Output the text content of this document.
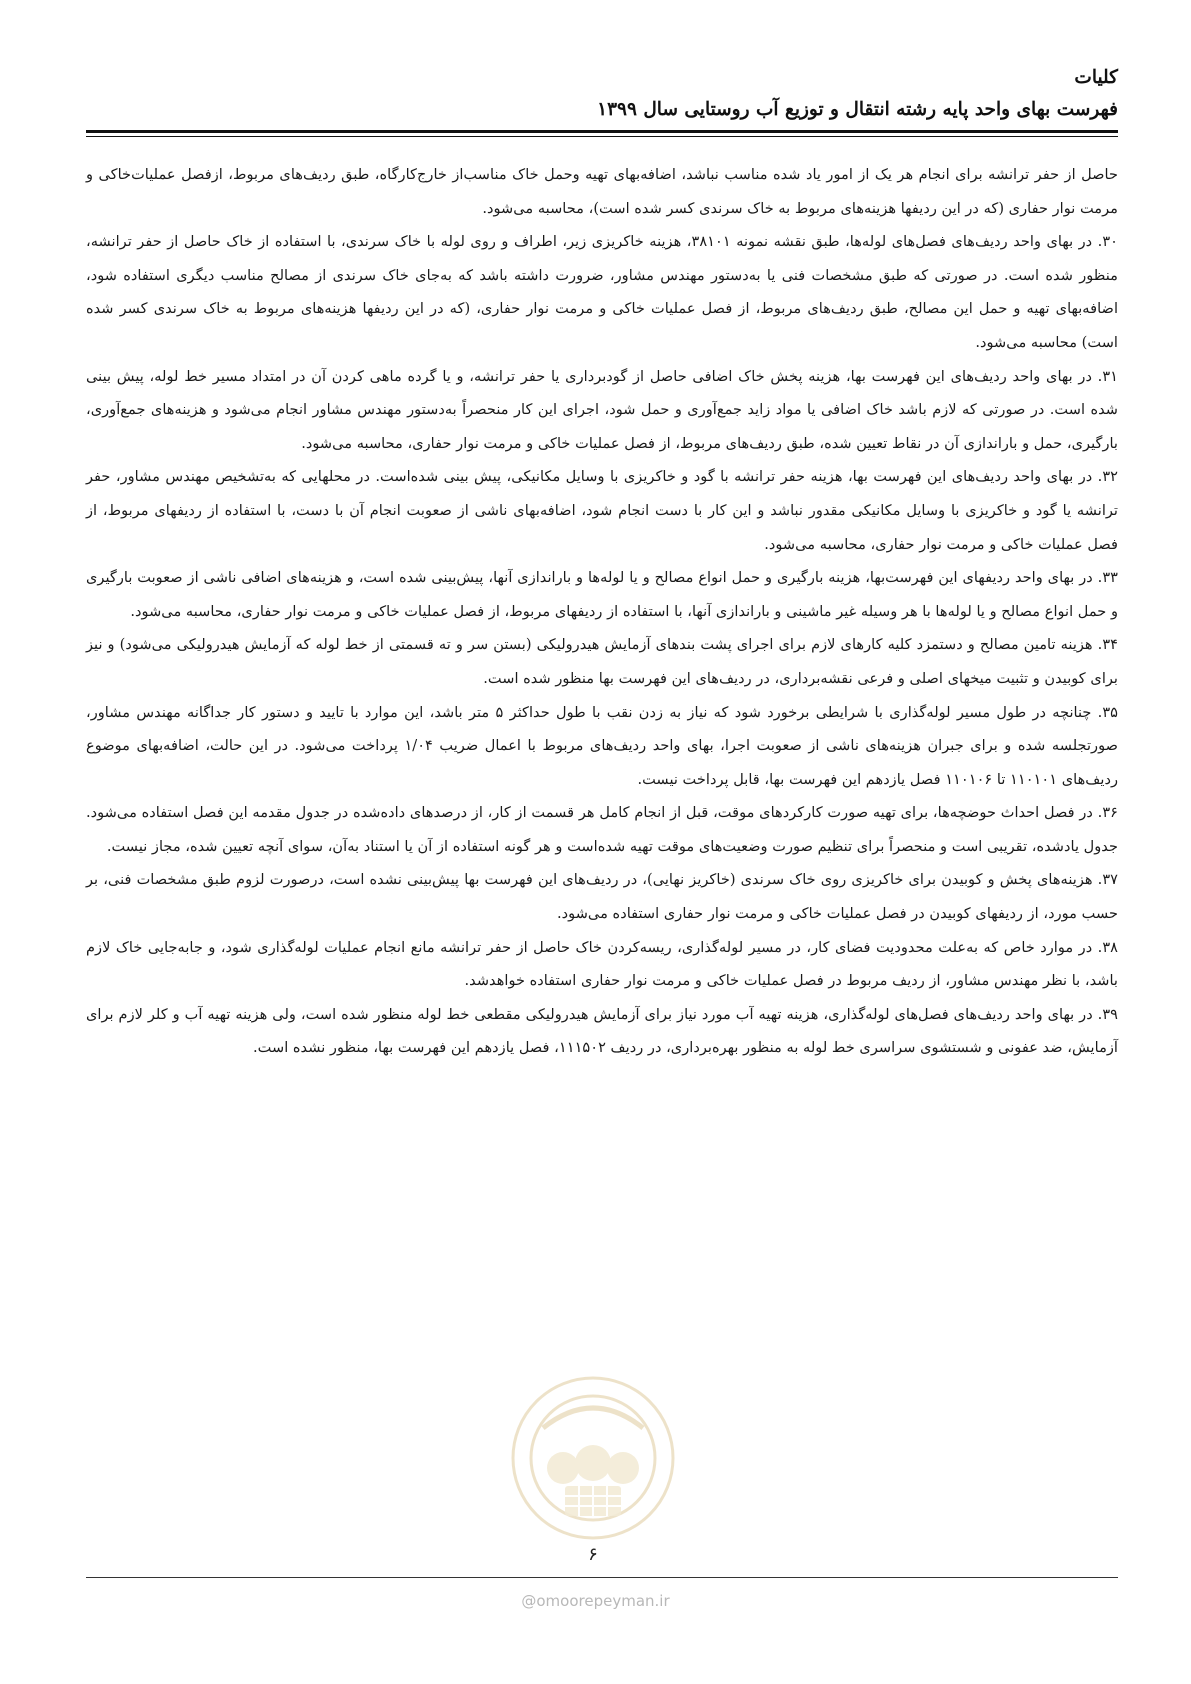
کلیات
فهرست بهای واحد پایه رشته انتقال و توزیع آب روستایی سال ۱۳۹۹

حاصل از حفر ترانشه برای انجام هر یک از امور یاد شده مناسب نباشد، اضافه‌بهای تهیه وحمل خاک مناسب‌از خارج‌کارگاه، طبق ردیف‌های مربوط، ازفصل عملیات‌خاکی و مرمت نوار حفاری (که در این ردیفها هزینه‌های مربوط به خاک سرندی کسر شده است)، محاسبه می‌شود.

۳۰. در بهای واحد ردیف‌های فصل‌های لوله‌ها، طبق نقشه نمونه ۳۸۱۰۱، هزینه خاکریزی زیر، اطراف و روی لوله با خاک سرندی، با استفاده از خاک حاصل از حفر ترانشه، منظور شده است. در صورتی که طبق مشخصات فنی یا به‌دستور مهندس مشاور، ضرورت داشته باشد که به‌جای خاک سرندی از مصالح مناسب دیگری استفاده شود، اضافه‌بهای تهیه و حمل این مصالح، طبق ردیف‌های مربوط، از فصل عملیات خاکی و مرمت نوار حفاری، (که در این ردیفها هزینه‌های مربوط به خاک سرندی کسر شده است) محاسبه می‌شود.

۳۱. در بهای واحد ردیف‌های این فهرست بها، هزینه پخش خاک اضافی حاصل از گودبرداری یا حفر ترانشه، و یا گرده ماهی کردن آن در امتداد مسیر خط لوله، پیش بینی شده است. در صورتی که لازم باشد خاک اضافی یا مواد زاید جمع‌آوری و حمل شود، اجرای این کار منحصراً به‌دستور مهندس مشاور انجام می‌شود و هزینه‌های جمع‌آوری، بارگیری، حمل و باراندازی آن در نقاط تعیین شده، طبق ردیف‌های مربوط، از فصل عملیات خاکی و مرمت نوار حفاری، محاسبه می‌شود.

۳۲. در بهای واحد ردیف‌های این فهرست بها، هزینه حفر ترانشه با گود و خاکریزی با وسایل مکانیکی، پیش بینی شده‌است. در محلهایی که به‌تشخیص مهندس مشاور، حفر ترانشه یا گود و خاکریزی با وسایل مکانیکی مقدور نباشد و این کار با دست انجام شود، اضافه‌بهای ناشی از صعوبت انجام آن با دست، با استفاده از ردیفهای مربوط، از فصل عملیات خاکی و مرمت نوار حفاری، محاسبه می‌شود.

۳۳. در بهای واحد ردیفهای این فهرست‌بها، هزینه بارگیری و حمل انواع مصالح و یا لوله‌ها و باراندازی آنها، پیش‌بینی شده است، و هزینه‌های اضافی ناشی از صعوبت بارگیری و حمل انواع مصالح و یا لوله‌ها با هر وسیله غیر ماشینی و باراندازی آنها، با استفاده از ردیفهای مربوط، از فصل عملیات خاکی و مرمت نوار حفاری، محاسبه می‌شود.

۳۴. هزینه تامین مصالح و دستمزد کلیه کارهای لازم برای اجرای پشت بندهای آزمایش هیدرولیکی (بستن سر و ته قسمتی از خط لوله که آزمایش هیدرولیکی می‌شود) و نیز برای کوبیدن و تثبیت میخهای اصلی و فرعی نقشه‌برداری، در ردیف‌های این فهرست بها منظور شده است.

۳۵. چنانچه در طول مسیر لوله‌گذاری با شرایطی برخورد شود که نیاز به زدن نقب با طول حداکثر ۵ متر باشد، این موارد با تایید و دستور کار جداگانه مهندس مشاور، صورتجلسه شده و برای جبران هزینه‌های ناشی از صعوبت اجرا، بهای واحد ردیف‌های مربوط با اعمال ضریب ۱/۰۴ پرداخت می‌شود. در این حالت، اضافه‌بهای موضوع ردیف‌های ۱۱۰۱۰۱ تا ۱۱۰۱۰۶ فصل یازدهم این فهرست بها، قابل پرداخت نیست.

۳۶. در فصل احداث حوضچه‌ها، برای تهیه صورت کارکردهای موقت، قبل از انجام کامل هر قسمت از کار، از درصدهای داده‌شده در جدول مقدمه این فصل استفاده می‌شود. جدول یادشده، تقریبی است و منحصراً برای تنظیم صورت وضعیت‌های موقت تهیه شده‌است و هر گونه استفاده از آن یا استناد به‌آن، سوای آنچه تعیین شده، مجاز نیست.

۳۷. هزینه‌های پخش و کوبیدن برای خاکریزی روی خاک سرندی (خاکریز نهایی)، در ردیف‌های این فهرست بها پیش‌بینی نشده است، درصورت لزوم طبق مشخصات فنی، بر حسب مورد، از ردیفهای کوبیدن در فصل عملیات خاکی و مرمت نوار حفاری استفاده می‌شود.

۳۸. در موارد خاص که به‌علت محدودیت فضای کار، در مسیر لوله‌گذاری، ریسه‌کردن خاک حاصل از حفر ترانشه مانع انجام عملیات لوله‌گذاری شود، و جابه‌جایی خاک لازم باشد، با نظر مهندس مشاور، از ردیف مربوط در فصل عملیات خاکی و مرمت نوار حفاری استفاده خواهدشد.

۳۹. در بهای واحد ردیف‌های فصل‌های لوله‌گذاری، هزینه تهیه آب مورد نیاز برای آزمایش هیدرولیکی مقطعی خط لوله منظور شده است، ولی هزینه تهیه آب و کلر لازم برای آزمایش، ضد عفونی و شستشوی سراسری خط لوله به منظور بهره‌برداری، در ردیف ۱۱۱۵۰۲، فصل یازدهم این فهرست بها، منظور نشده است.

۶
@omoorepeyman.ir
